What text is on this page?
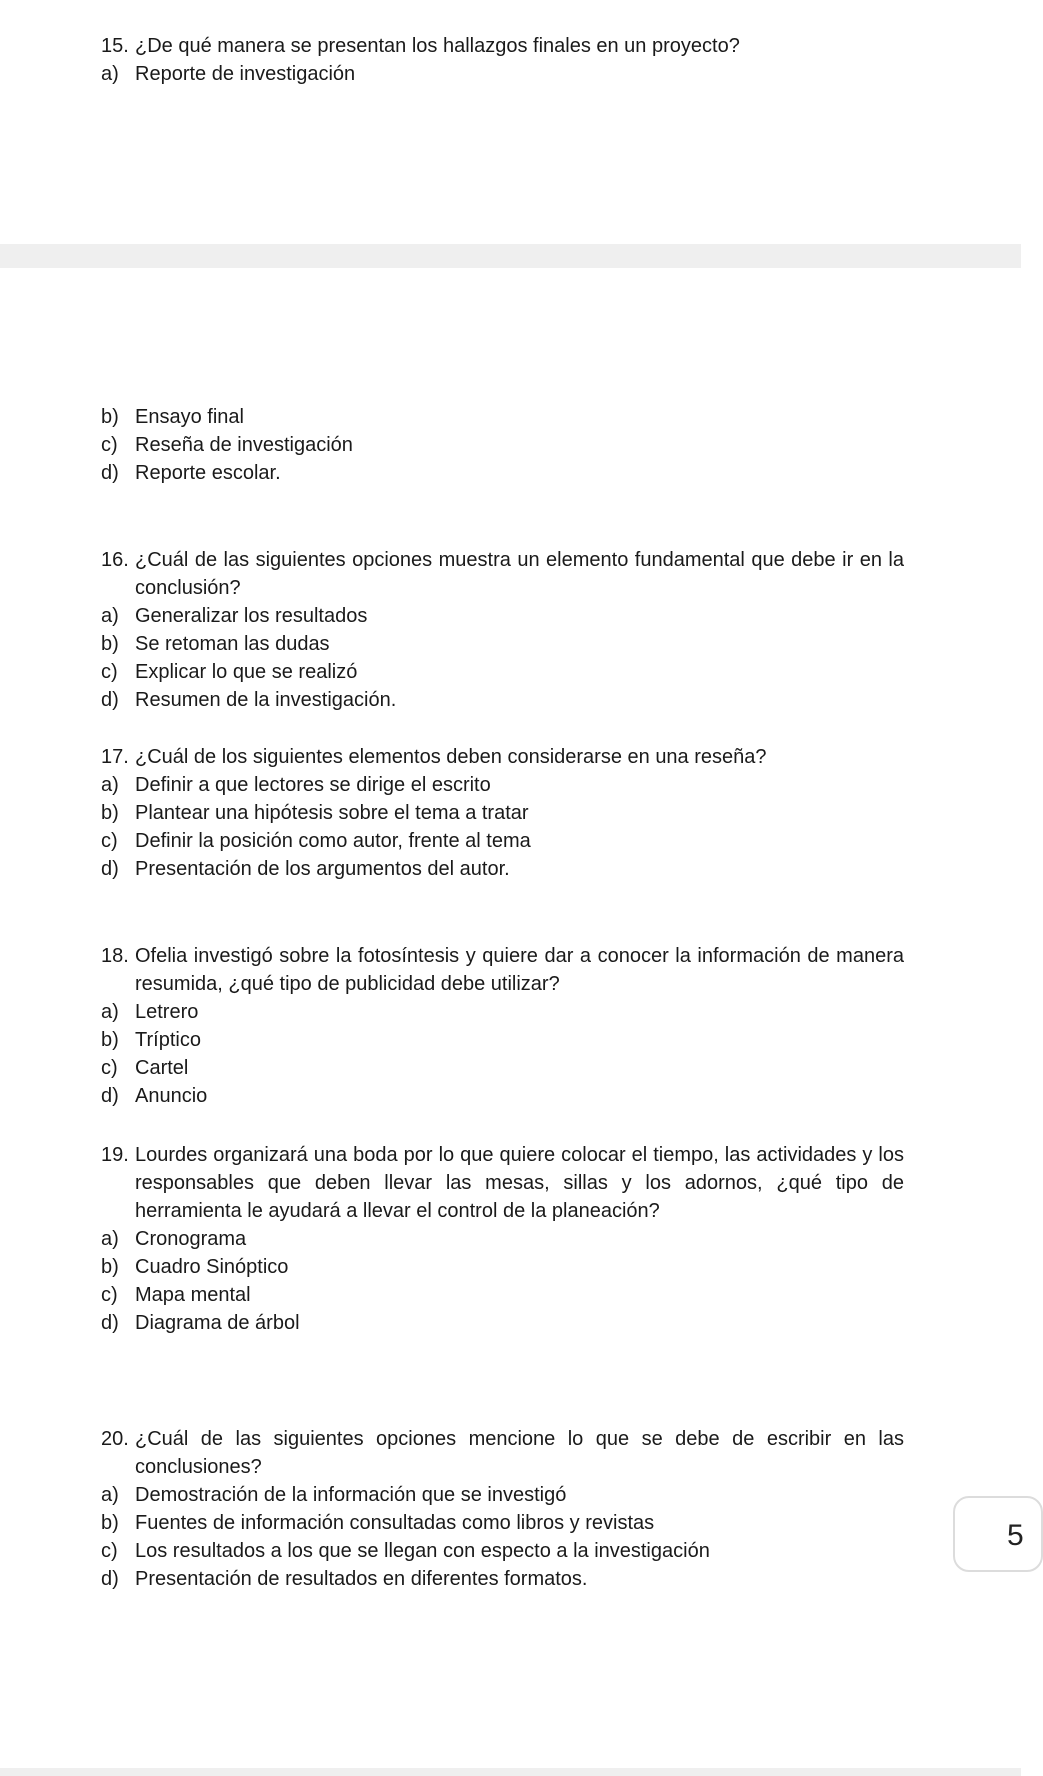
15. ¿De qué manera se presentan los hallazgos finales en un proyecto?
a) Reporte de investigación
b) Ensayo final
c) Reseña de investigación
d) Reporte escolar.
16. ¿Cuál de las siguientes opciones muestra un elemento fundamental que debe ir en la conclusión?
a) Generalizar los resultados
b) Se retoman las dudas
c) Explicar lo que se realizó
d) Resumen de la investigación.
17. ¿Cuál de los siguientes elementos deben considerarse en una reseña?
a) Definir a que lectores se dirige el escrito
b) Plantear una hipótesis sobre el tema a tratar
c) Definir la posición como autor, frente al tema
d) Presentación de los argumentos del autor.
18. Ofelia investigó sobre la fotosíntesis y quiere dar a conocer la información de manera resumida, ¿qué tipo de publicidad debe utilizar?
a) Letrero
b) Tríptico
c) Cartel
d) Anuncio
19. Lourdes organizará una boda por lo que quiere colocar el tiempo, las actividades y los responsables que deben llevar las mesas, sillas y los adornos, ¿qué tipo de herramienta le ayudará a llevar el control de la planeación?
a) Cronograma
b) Cuadro Sinóptico
c) Mapa mental
d) Diagrama de árbol
20. ¿Cuál de las siguientes opciones mencione lo que se debe de escribir en las conclusiones?
a) Demostración de la información que se investigó
b) Fuentes de información consultadas como libros y revistas
c) Los resultados a los que se llegan con especto a la investigación
d) Presentación de resultados en diferentes formatos.
5
